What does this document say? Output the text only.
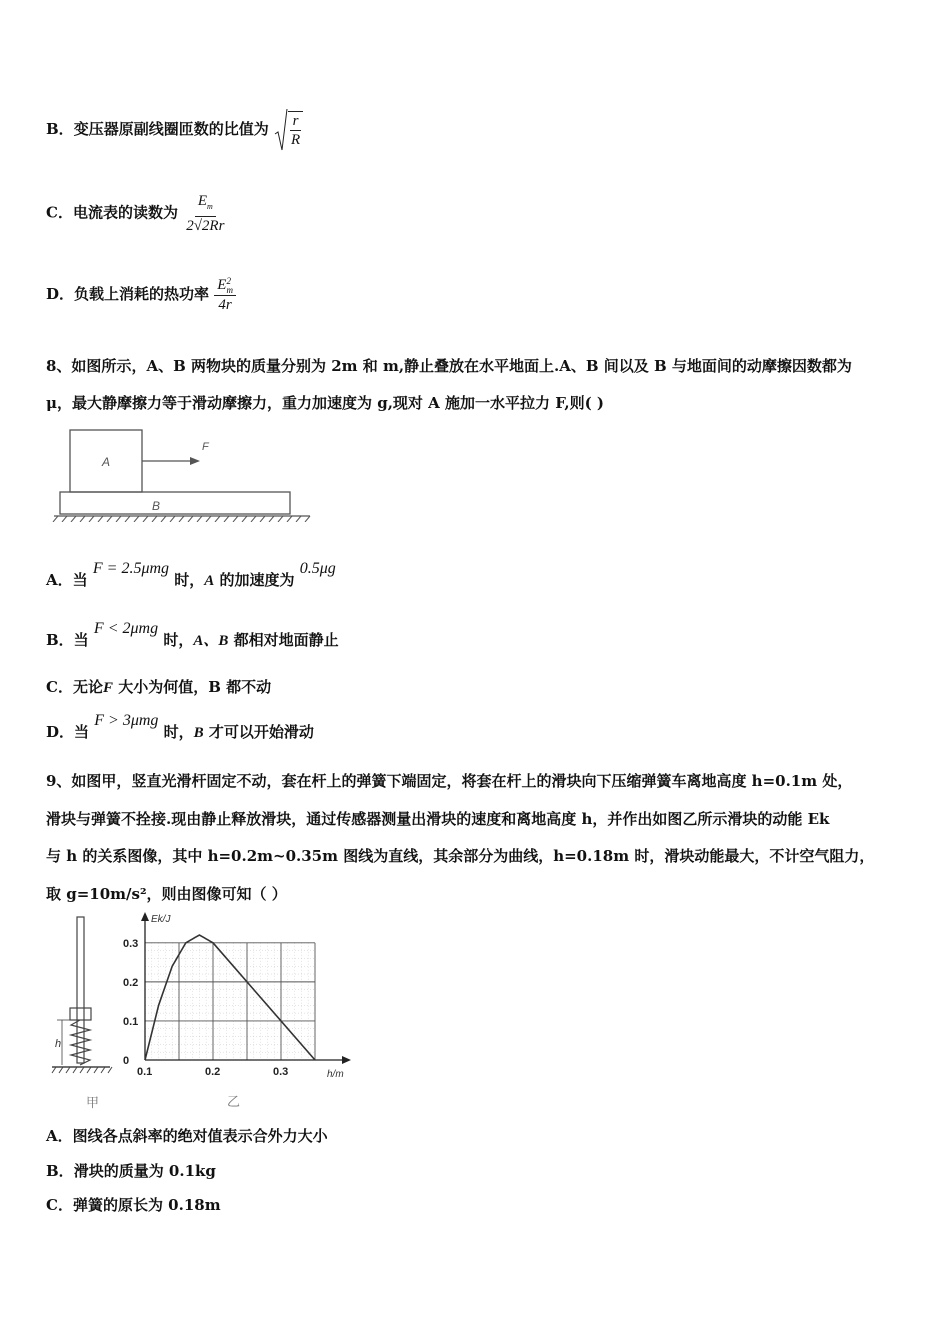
B．变压器原副线圈匝数的比值为 $\frac{r}{R}$
C．电流表的读数为 $\frac{E_m}{2√2Rr}$
D．负载上消耗的热功率 E 2
m
4r
8、如图所示，A、B 两物块的质量分别为 2m 和 m,静止叠放在水平地面上.A、B 间以及 B 与地面间的动摩擦因数都为
μ，最大静摩擦力等于滑动摩擦力，重力加速度为 g,现对 A 施加一水平拉力 F,则( )
A
F
B
A．当 F = 2.5μmg 时，A 的加速度为 0.5μg
B．当 F < 2μmg 时，A、B 都相对地面静止
C．无论F 大小为何值，B 都不动
D．当 F > 3μmg 时，B 才可以开始滑动
9、如图甲，竖直光滑杆固定不动，套在杆上的弹簧下端固定，将套在杆上的滑块向下压缩弹簧车离地高度 h=0.1m 处，
滑块与弹簧不拴接.现由静止释放滑块，通过传感器测量出滑块的速度和离地高度 h，并作出如图乙所示滑块的动能 Ek
与 h 的关系图像，其中 h=0.2m~0.35m 图线为直线，其余部分为曲线，h=0.18m 时，滑块动能最大，不计空气阻力，
取 g=10m/s²，则由图像可知（ ）
h
甲
0.1	0.2	0.3
0
0.1
0.2
0.3
Ek/J
h/m
乙
A．图线各点斜率的绝对值表示合外力大小
B．滑块的质量为 0.1kg
C．弹簧的原长为 0.18m
